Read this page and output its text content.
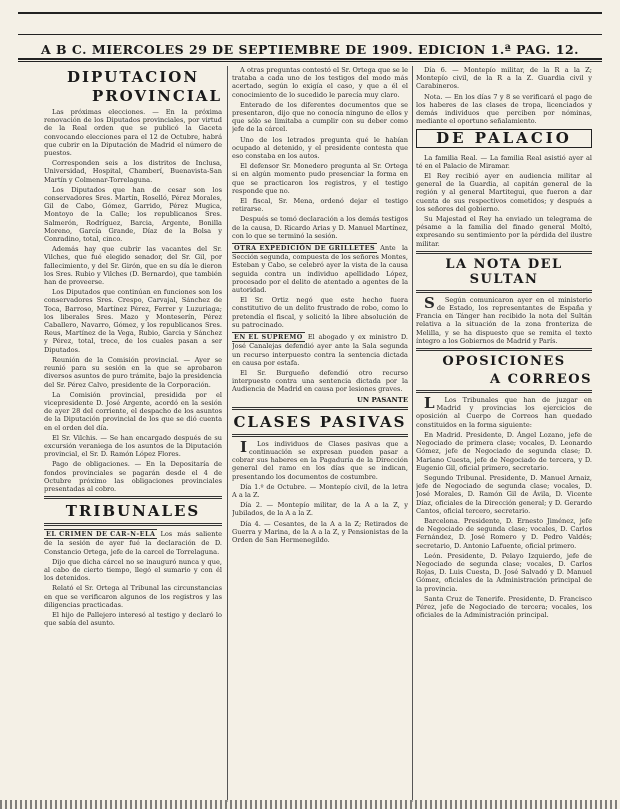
A B C. MIERCOLES 29 DE SEPTIEMBRE DE 1909. EDICION 1.ª PAG. 12.
DIPUTACION
PROVINCIAL

Las próximas elecciones. — En la próxima renovación de los Diputados provinciales, por virtud de la Real orden que se publicó la Gaceta convocando elecciones para el 12 de Octubre, habrá que cubrir en la Diputación de Madrid el número de puestos.

Corresponden seis a los distritos de Inclusa, Universidad, Hospital, Chamberí, Buenavista-San Martín y Colmenar-Torrelaguna.

Los Diputados que han de cesar son los conservadores Sres. Martín, Roselló, Pérez Morales, Gil de Cabo, Gómez, Garrido, Pérez Mugica, Montoyo de la Calle; los republicanos Sres. Salmerón, Rodríguez, Barcia, Argente, Bonilla Moreno, García Grande, Díaz de la Bolsa y Conradino, total, cinco.

Además hay que cubrir las vacantes del Sr. Vilches, que fué elegido senador, del Sr. Gil, por fallecimiento, y del Sr. Girón, que en su día le dieron los Sres. Rubio y Vilches (D. Bernardo), que también han de proveerse.

Los Diputados que continúan en funciones son los conservadores Sres. Crespo, Carvajal, Sánchez de Toca, Barroso, Martínez Pérez, Ferrer y Luzuriaga; los liberales Sres. Mazo y Monteserín, Pérez Caballero, Navarro, Gómez, y los republicanos Sres. Reus, Martínez de la Vega, Rubio, Garcia y Sánchez y Pérez, total, trece, de los cuales pasan a ser Diputados.

Reunión de la Comisión provincial. — Ayer se reunió para su sesión en la que se aprobaron diversos asuntos de puro trámite, bajo la presidencia del Sr. Pérez Calvo, presidente de la Corporación.

La Comisión provincial, presidida por el vicepresidente D. José Argente, acordó en la sesión de ayer 28 del corriente, el despacho de los asuntos de la Diputación provincial de los que se dió cuenta en el orden del día.

El Sr. Vilchis. — Se han encargado después de su excursión veraniega de los asuntos de la Diputación provincial, el Sr. D. Ramón López Flores.

Pago de obligaciones. — En la Depositaría de fondos provinciales se pagarán desde el 4 de Octubre próximo las obligaciones provinciales presentadas al cobro.

TRIBUNALES

EL CRIMEN DE CAR-N-ELA Los más saliente de la sesión de ayer fué la declaración de D. Constancio Ortega, jefe de la carcel de Torrelaguna.

Dijo que dicha cárcel no se inauguró nunca y que, al cabo de cierto tiempo, llegó el sumario y con él los detenidos.

Relató el Sr. Ortega al Tribunal las circunstancias en que se verificaron algunos de los registros y las diligencias practicadas.

El hijo de Pallejero interesó al testigo y declaró lo que sabía del asunto.

A otras preguntas contestó el Sr. Ortega que se le trataba a cada uno de los testigos del modo más acertado, según lo exigía el caso, y que a él el conocimiento de lo sucedido le parecía muy claro.

Enterado de los diferentes documentos que se presentaron, dijo que no conocía ninguno de ellos y que sólo se limitaba a cumplir con su deber como jefe de la cárcel.

Uno de los letrados pregunta qué le habían ocupado al detenido, y el presidente contesta que eso constaba en los autos.

El defensor Sr. Monedero pregunta al Sr. Ortega si en algún momento pudo presenciar la forma en que se practicaron los registros, y el testigo responde que no.

El fiscal, Sr. Mena, ordenó dejar el testigo retirarse.

Después se tomó declaración a los demás testigos de la causa, D. Ricardo Arias y D. Manuel Martínez, con lo que se terminó la sesión.

OTRA EXPEDICIÓN DE GRILLETES Ante la Sección segunda, compuesta de los señores Montes, Esteban y Cabo, se celebró ayer la vista de la causa seguida contra un individuo apellidado López, procesado por el delito de atentado a agentes de la autoridad.

El Sr. Ortiz negó que este hecho fuera constitutivo de un delito frustrado de robo, como lo pretendía el fiscal, y solicitó la libre absolución de su patrocinado.

EN EL SUPREMO El abogado y ex ministro D. José Canalejas defendió ayer ante la Sala segunda un recurso interpuesto contra la sentencia dictada en causa por estafa.

El Sr. Burgueño defendió otro recurso interpuesto contra una sentencia dictada por la Audiencia de Madrid en causa por lesiones graves.

UN PASANTE
CLASES PASIVAS

I Los individuos de Clases pasivas que a continuación se expresan pueden pasar a cobrar sus haberes en la Pagaduría de la Dirección general del ramo en los días que se indican, presentando los documentos de costumbre.

Día 1.º de Octubre. — Montepío civil, de la letra A a la Z.

Día 2. — Montepío militar, de la A a la Z, y Jubilados, de la A a la Z.

Día 4. — Cesantes, de la A a la Z; Retirados de Guerra y Marina, de la A a la Z, y Pensionistas de la Orden de San Hermenegildo.

Día 6. — Montepío militar, de la R a la Z; Montepío civil, de la R a la Z. Guardia civil y Carabineros.

Nota. — En los días 7 y 8 se verificará el pago de los haberes de las clases de tropa, licenciados y demás individuos que perciben por nóminas, mediante el oportuno señalamiento.

DE PALACIO

La familia Real. — La familia Real asistió ayer al té en el Palacio de Miramar.

El Rey recibió ayer en audiencia militar al general de la Guardia, al capitán general de la región y al general Martitegui, que fueron a dar cuenta de sus respectivos cometidos; y después a los señores del gobierno.

Su Majestad el Rey ha enviado un telegrama de pésame a la familia del finado general Moltó, expresando su sentimiento por la pérdida del ilustre militar.

LA NOTA DEL SULTAN

S Según comunicaron ayer en el ministerio de Estado, los representantes de España y Francia en Tánger han recibido la nota del Sultán relativa a la situación de la zona fronteriza de Melilla, y se ha dispuesto que se remita el texto íntegro a los Gobiernos de Madrid y París.

OPOSICIONES
A CORREOS

L Los Tribunales que han de juzgar en Madrid y provincias los ejercicios de oposición al Cuerpo de Correos han quedado constituidos en la forma siguiente:

En Madrid. Presidente, D. Ángel Lozano, jefe de Negociado de primera clase; vocales, D. Leonardo Gómez, jefe de Negociado de segunda clase; D. Mariano Cuesta, jefe de Negociado de tercera, y D. Eugenio Gil, oficial primero, secretario.

Segundo Tribunal. Presidente, D. Manuel Arnaiz, jefe de Negociado de segunda clase; vocales, D. José Morales, D. Ramón Gil de Ávila, D. Vicente Díaz, oficiales de la Dirección general; y D. Gerardo Cantos, oficial tercero, secretario.

Barcelona. Presidente, D. Ernesto Jiménez, jefe de Negociado de segunda clase; vocales, D. Carlos Fernández, D. José Romero y D. Pedro Valdés; secretario, D. Antonio Lafuente, oficial primero.

León. Presidente, D. Pelayo Izquierdo, jefe de Negociado de segunda clase; vocales, D. Carlos Rojas, D. Luis Cuesta, D. José Salvadó y D. Manuel Gómez, oficiales de la Administración principal de la provincia.

Santa Cruz de Tenerife. Presidente, D. Francisco Pérez, jefe de Negociado de tercera; vocales, los oficiales de la Administración principal.
